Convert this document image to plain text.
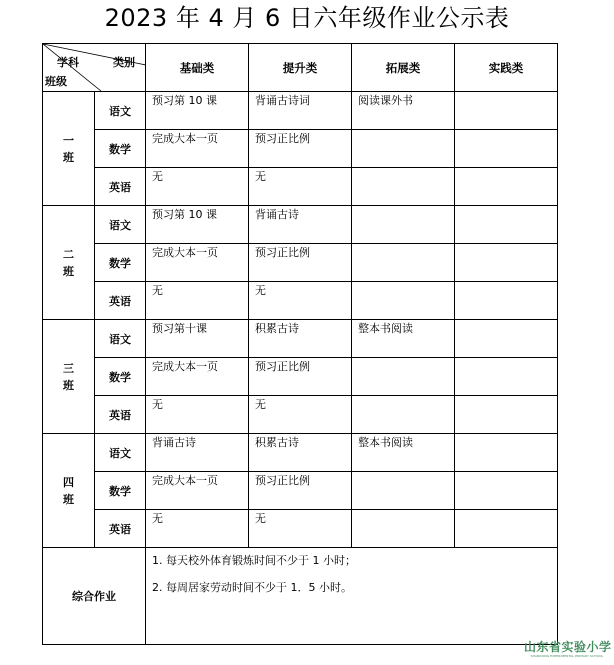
2023 年 4 月 6 日六年级作业公示表
学科 类别
班级		基础类	提升类	拓展类	实践类

一
班	语文	预习第 10 课	背诵古诗词	阅读课外书	
	数学	完成大本一页	预习正比例		
	英语	无	无		

二
班	语文	预习第 10 课	背诵古诗		
	数学	完成大本一页	预习正比例		
	英语	无	无		

三
班	语文	预习第十课	积累古诗	整本书阅读	
	数学	完成大本一页	预习正比例		
	英语	无	无		

四
班	语文	背诵古诗	积累古诗	整本书阅读	
	数学	完成大本一页	预习正比例		
	英语	无	无		
综合作业		1. 每天校外体育锻炼时间不少于 1 小时；
2. 每周居家劳动时间不少于 1．5 小时。			
山东省实验小学
SHANDONG EXPERIMENTAL PRIMARY SCHOOL
